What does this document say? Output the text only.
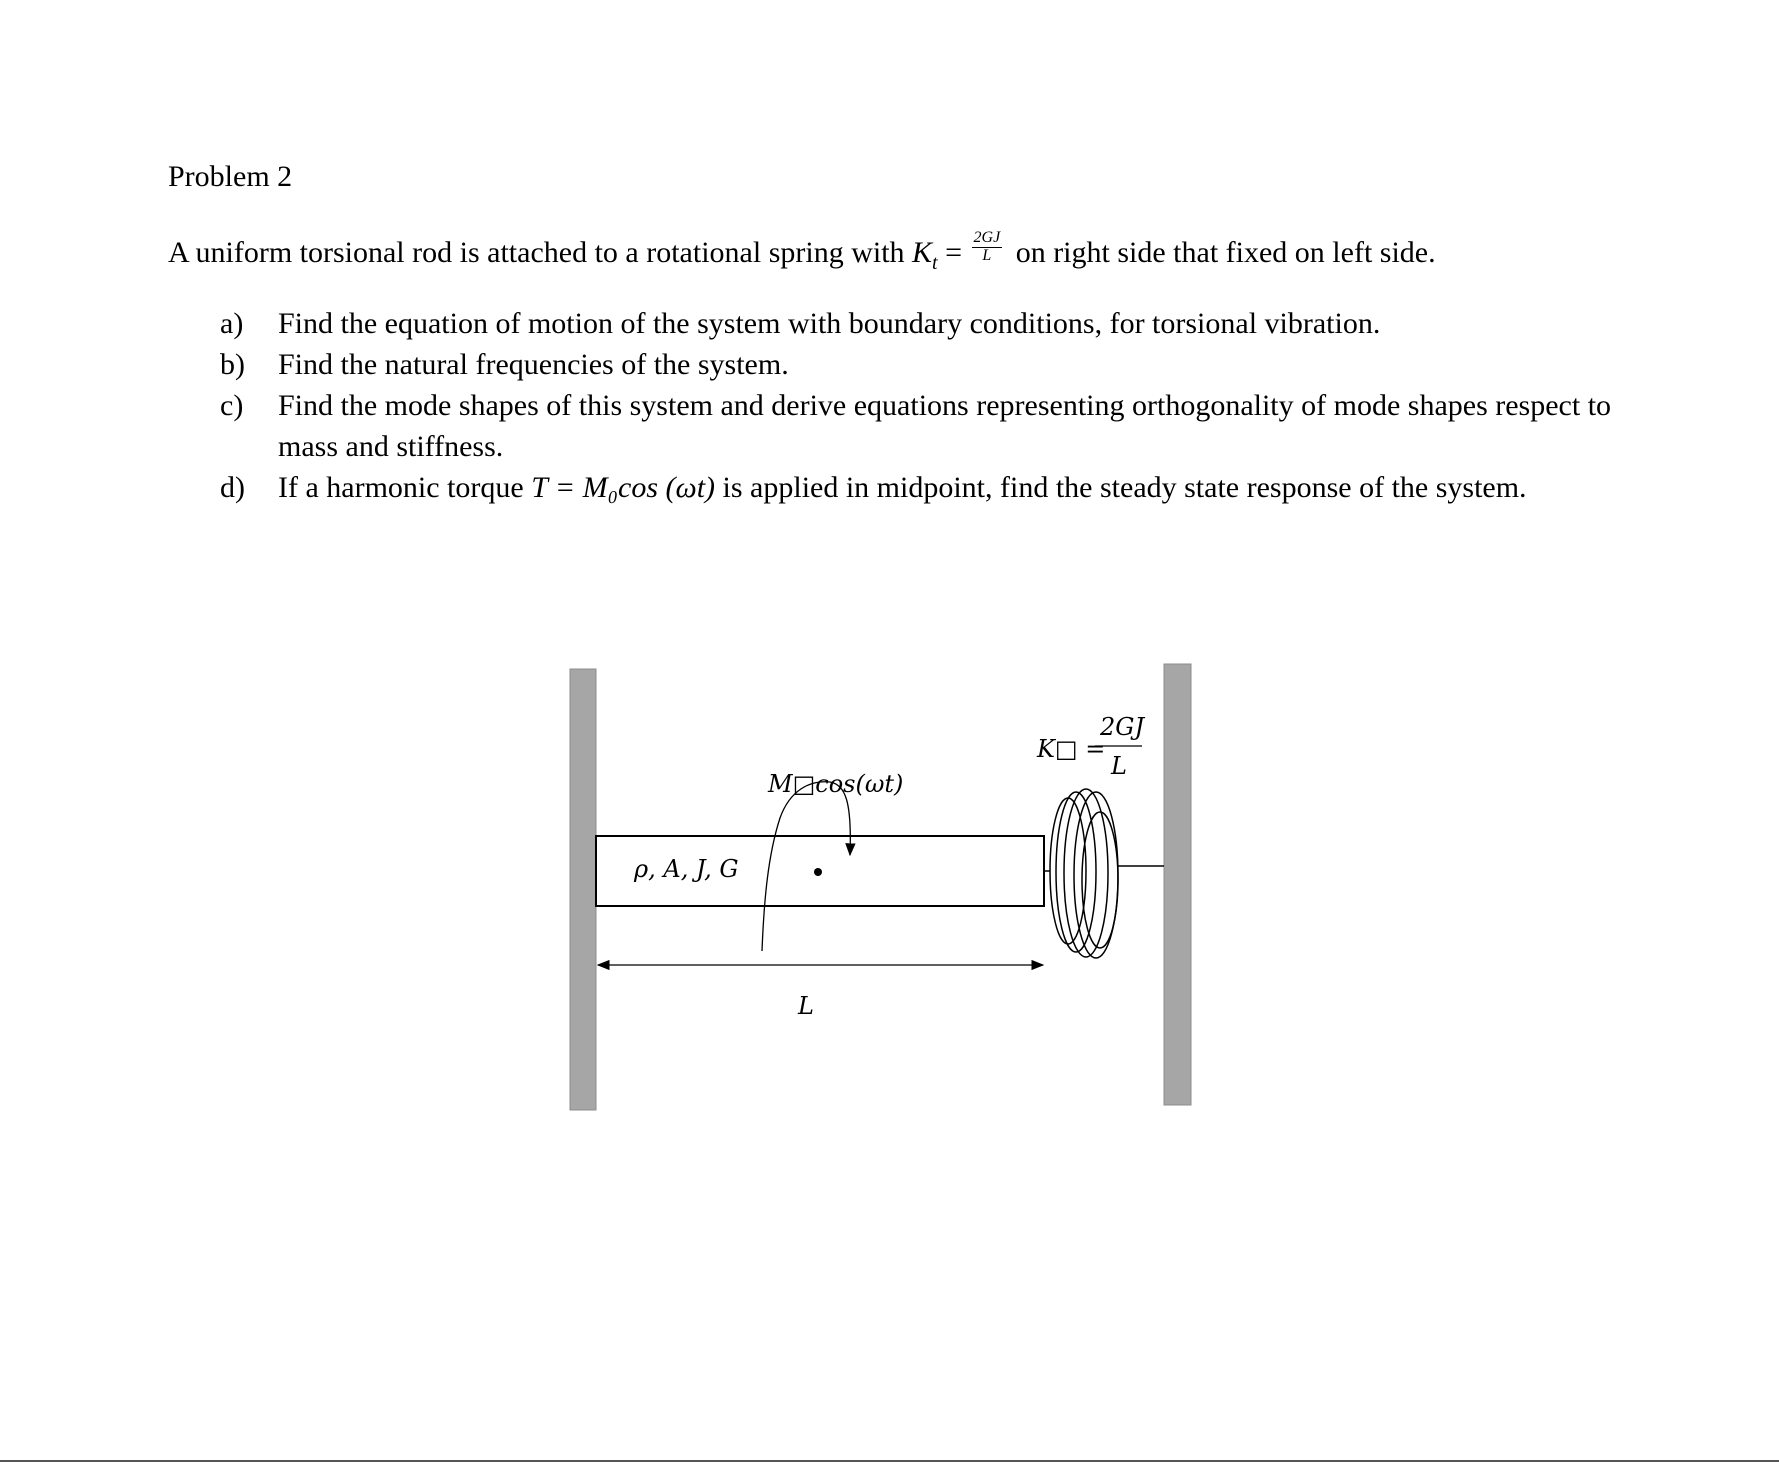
Problem 2
A uniform torsional rod is attached to a rotational spring with $K_t = \frac{2GJ}{L}$ on right side that fixed on left side.
a)	Find the equation of motion of the system with boundary conditions, for torsional vibration.
b)	Find the natural frequencies of the system.
c)	Find the mode shapes of this system and derive equations representing orthogonality of mode shapes respect to mass and stiffness.
d)	If a harmonic torque T = M₀cos (ωt) is applied in midpoint, find the steady state response of the system.
M□cos(ωt)
ρ, A, J, G
L
K□ =
2GJ
L
